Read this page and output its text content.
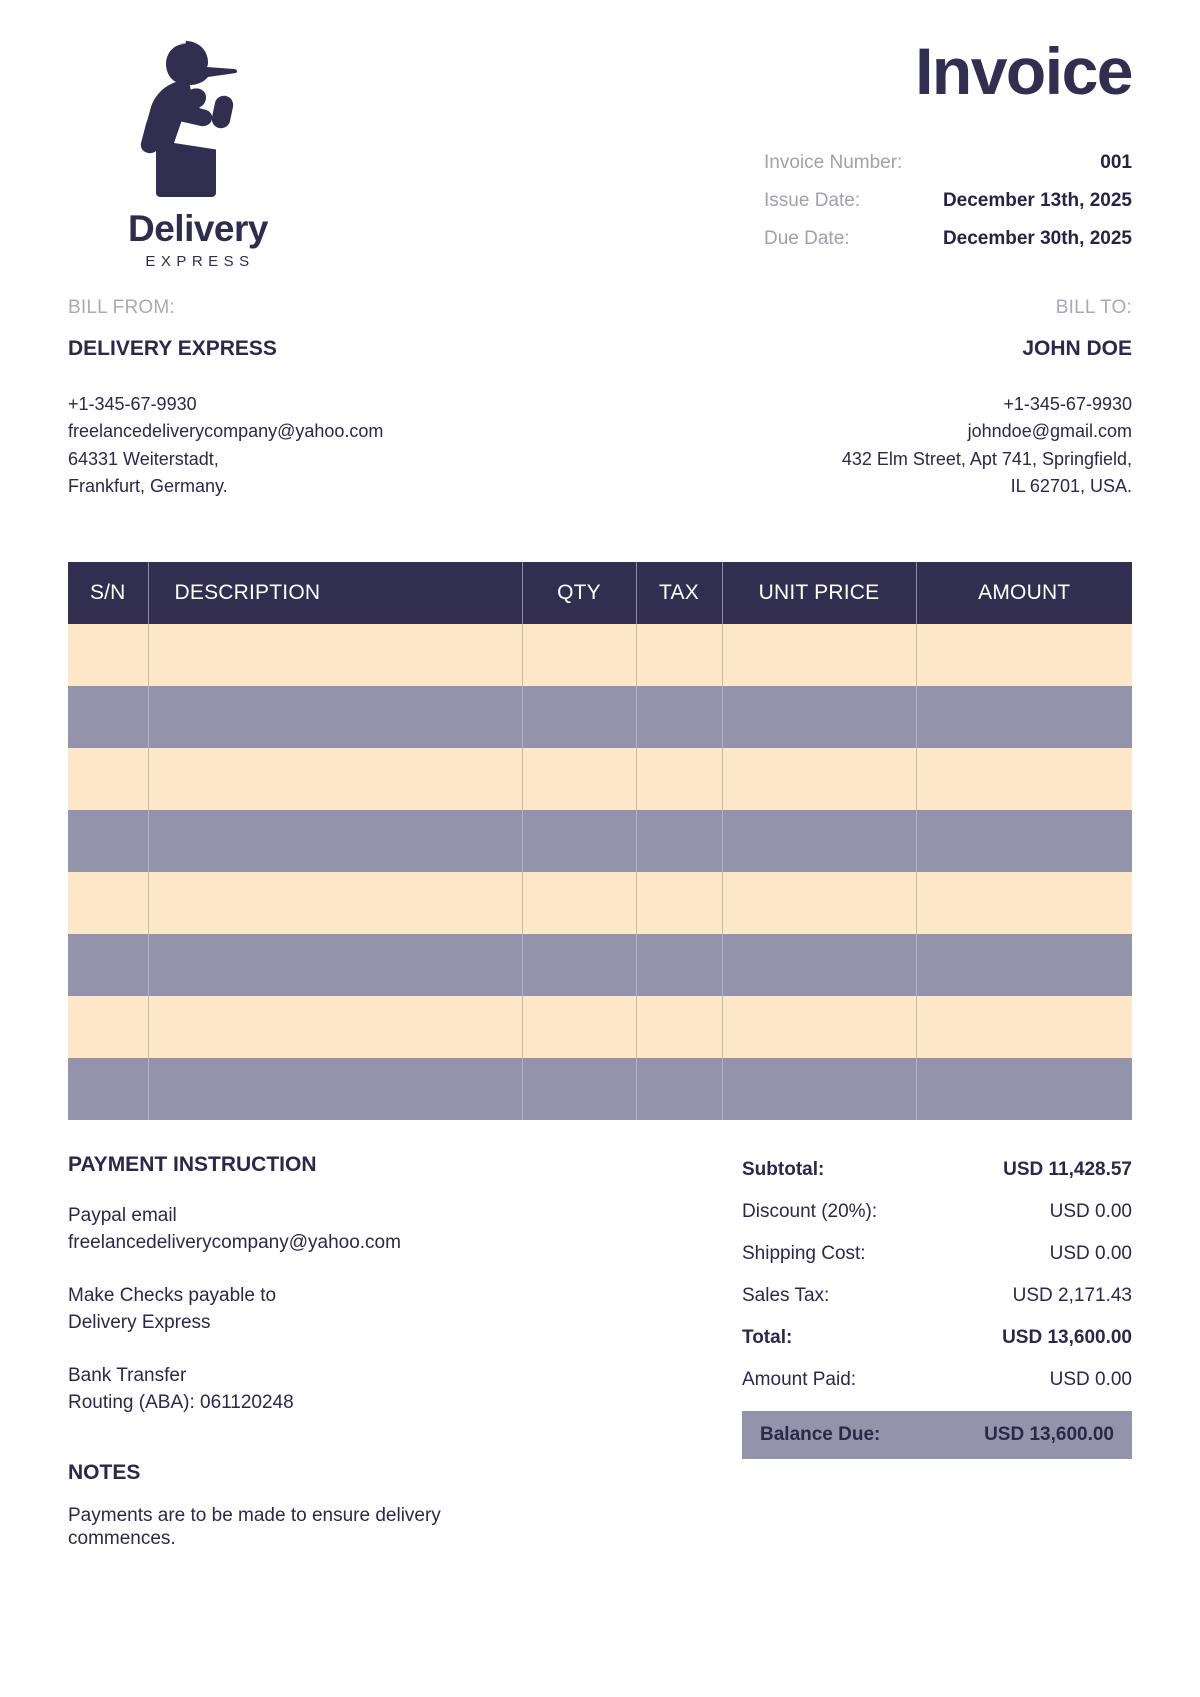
Delivery
EXPRESS
Invoice
Invoice Number:	001
Issue Date:	December 13th, 2025
Due Date:	December 30th, 2025
BILL FROM:
DELIVERY EXPRESS
+1-345-67-9930
freelancedeliverycompany@yahoo.com
64331 Weiterstadt,
Frankfurt, Germany.
BILL TO:
JOHN DOE
+1-345-67-9930
johndoe@gmail.com
432 Elm Street, Apt 741, Springfield,
IL 62701, USA.
S/N	DESCRIPTION	QTY	TAX	UNIT PRICE	AMOUNT

PAYMENT INSTRUCTION
Paypal email
freelancedeliverycompany@yahoo.com
Make Checks payable to
Delivery Express
Bank Transfer
Routing (ABA): 061120248
NOTES
Payments are to be made to ensure delivery commences.
Subtotal:	USD 11,428.57
Discount (20%):	USD 0.00
Shipping Cost:	USD 0.00
Sales Tax:	USD 2,171.43
Total:	USD 13,600.00
Amount Paid:	USD 0.00
Balance Due:	USD 13,600.00
